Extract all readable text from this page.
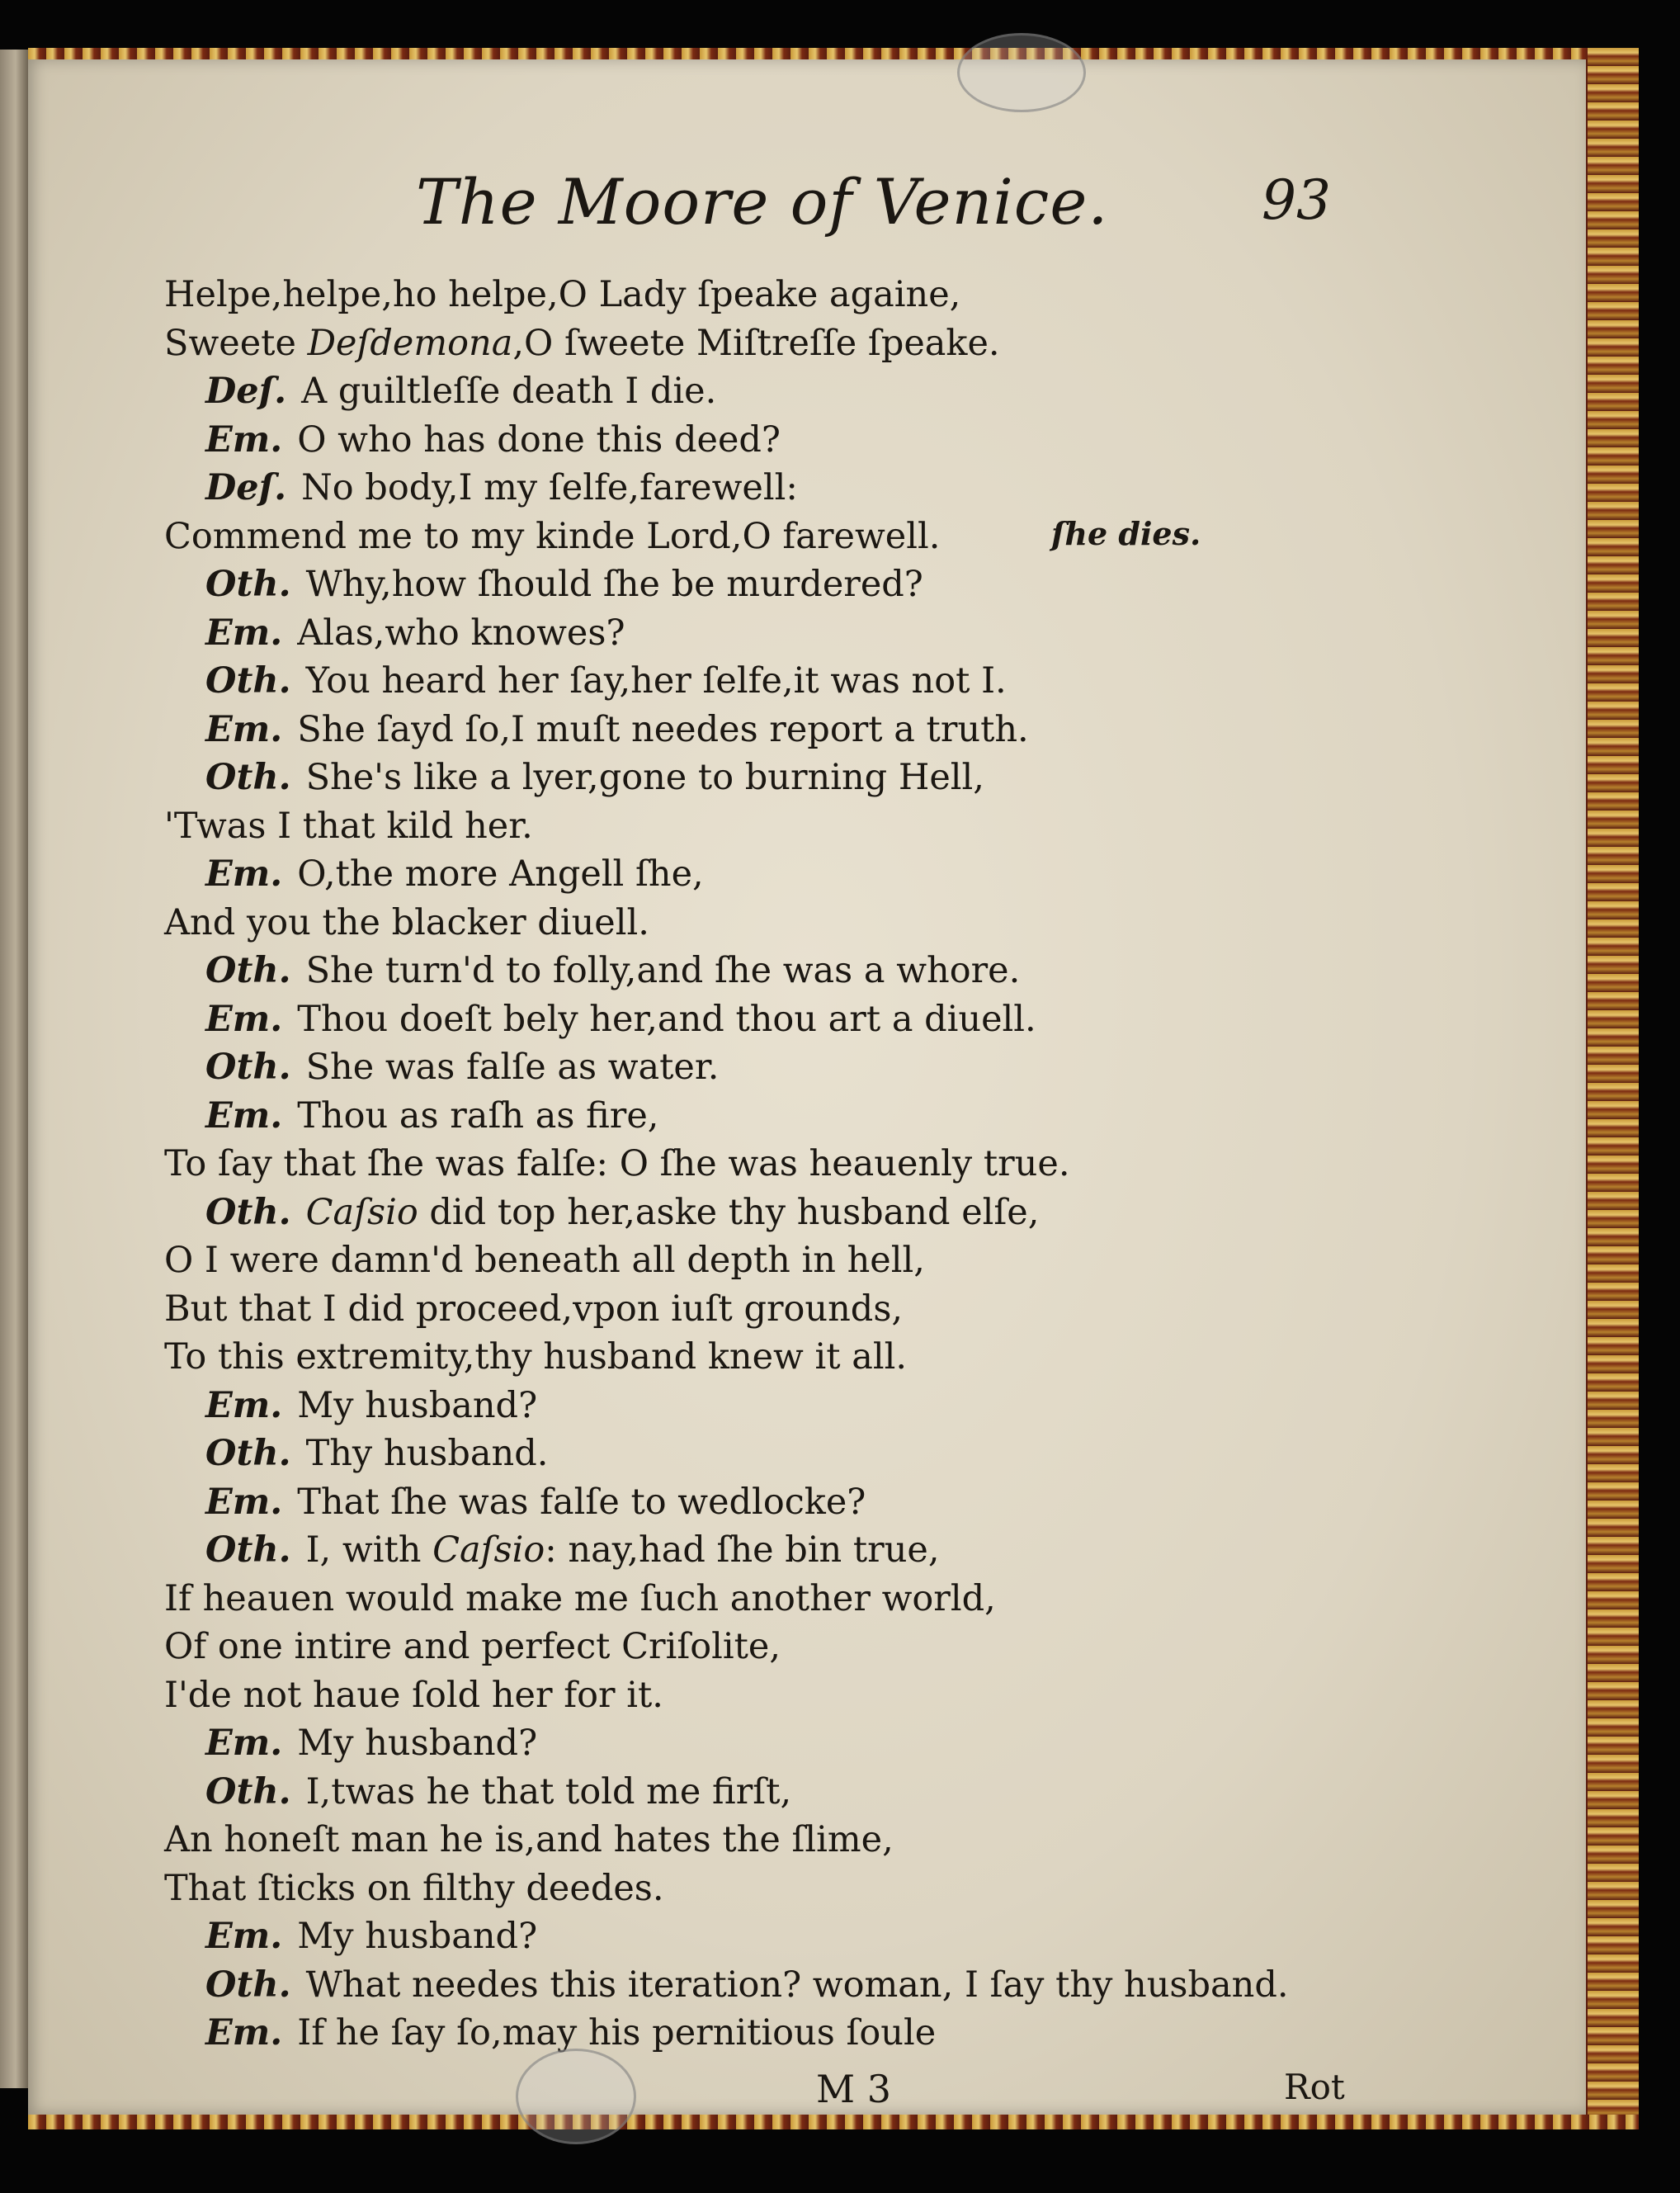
The Moore of Venice.	93
Helpe,helpe,ho helpe,O Lady ſpeake againe,
Sweete Deſdemona,O ſweete Miſtreſſe ſpeake.
Deſ. A guiltleſſe death I die.
Em. O who has done this deed?
Deſ. No body,I my ſelfe,farewell:
Commend me to my kinde Lord,O farewell.
Oth. Why,how ſhould ſhe be murdered?
Em. Alas,who knowes?
Oth. You heard her ſay,her ſelfe,it was not I.
Em. She ſayd ſo,I muſt needes report a truth.
Oth. She's like a lyer,gone to burning Hell,
'Twas I that kild her.
Em. O,the more Angell ſhe,
And you the blacker diuell.
Oth. She turn'd to folly,and ſhe was a whore.
Em. Thou doeſt bely her,and thou art a diuell.
Oth. She was falſe as water.
Em. Thou as raſh as fire,
To ſay that ſhe was falſe: O ſhe was heauenly true.
Oth. Caſsio did top her,aske thy husband elſe,
O I were damn'd beneath all depth in hell,
But that I did proceed,vpon iuſt grounds,
To this extremity,thy husband knew it all.
Em. My husband?
Oth. Thy husband.
Em. That ſhe was falſe to wedlocke?
Oth. I, with Caſsio: nay,had ſhe bin true,
If heauen would make me ſuch another world,
Of one intire and perfect Criſolite,
I'de not haue ſold her for it.
Em. My husband?
Oth. I,twas he that told me firſt,
An honeſt man he is,and hates the ſlime,
That ſticks on filthy deedes.
Em. My husband?
Oth. What needes this iteration? woman, I ſay thy husband.
Em. If he ſay ſo,may his pernitious ſoule
ſhe dies.
M 3	Rot
